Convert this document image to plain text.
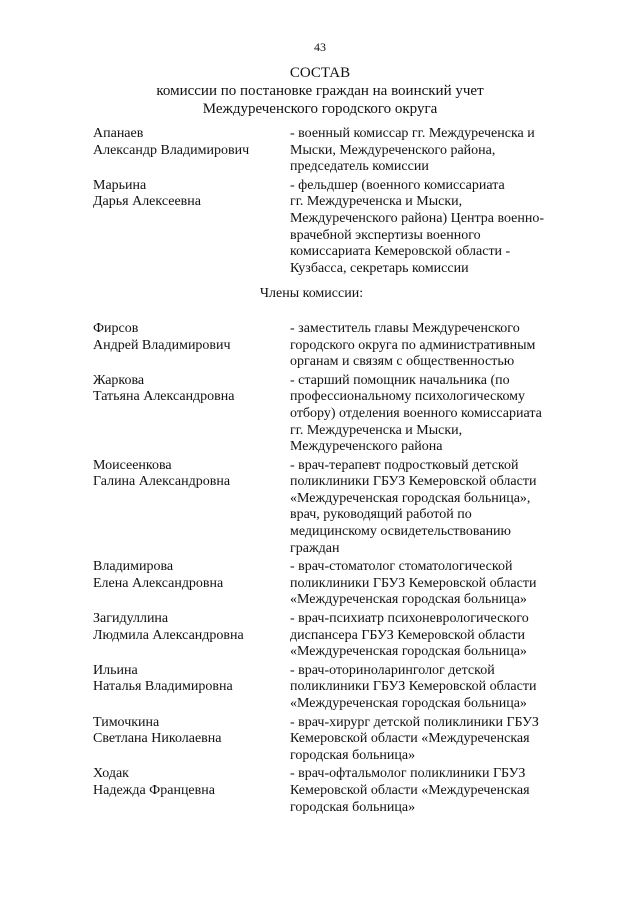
43
СОСТАВ
комиссии по постановке граждан на воинский учет
Междуреченского городского округа
Апанаев
Александр Владимирович
- военный комиссар гг. Междуреченска и
Мыски, Междуреченского района,
председатель комиссии
Марьина
Дарья Алексеевна
- фельдшер (военного комиссариата
гг. Междуреченска и Мыски,
Междуреченского района) Центра военно-
врачебной экспертизы военного
комиссариата Кемеровской области -
Кузбасса, секретарь комиссии
Члены комиссии:
Фирсов
Андрей Владимирович
- заместитель главы Междуреченского
городского округа по административным
органам и связям с общественностью
Жаркова
Татьяна Александровна
- старший помощник начальника (по
профессиональному психологическому
отбору) отделения военного комиссариата
гг. Междуреченска и Мыски,
Междуреченского района
Моисеенкова
Галина Александровна
- врач-терапевт подростковый детской
поликлиники ГБУЗ Кемеровской области
«Междуреченская городская больница»,
врач, руководящий работой по
медицинскому освидетельствованию
граждан
Владимирова
Елена Александровна
- врач-стоматолог стоматологической
поликлиники ГБУЗ Кемеровской области
«Междуреченская городская больница»
Загидуллина
Людмила Александровна
- врач-психиатр психоневрологического
диспансера ГБУЗ Кемеровской области
«Междуреченская городская больница»
Ильина
Наталья Владимировна
- врач-оториноларинголог детской
поликлиники ГБУЗ Кемеровской области
«Междуреченская городская больница»
Тимочкина
Светлана Николаевна
- врач-хирург детской поликлиники ГБУЗ
Кемеровской области «Междуреченская
городская больница»
Ходак
Надежда Францевна
- врач-офтальмолог поликлиники ГБУЗ
Кемеровской области «Междуреченская
городская больница»
